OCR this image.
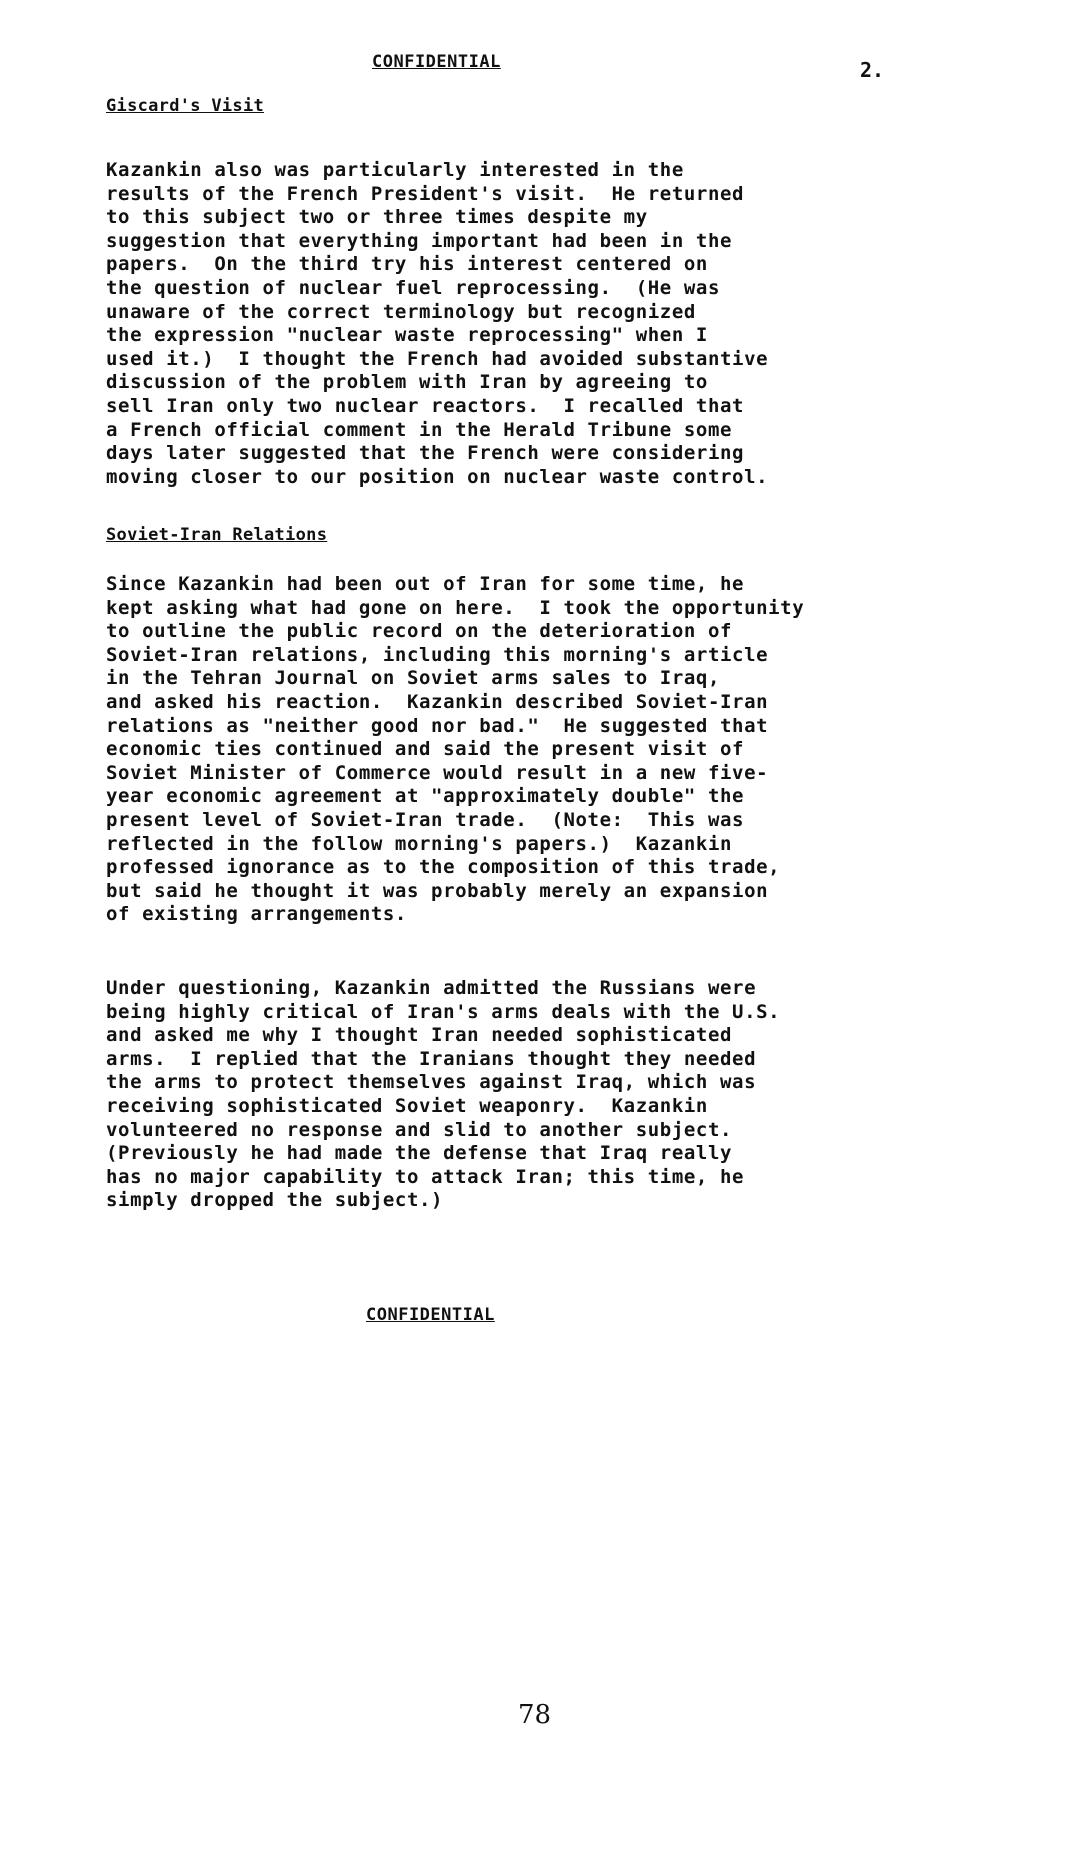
CONFIDENTIAL	2.
Giscard's Visit
Kazankin also was particularly interested in the
results of the French President's visit.  He returned
to this subject two or three times despite my
suggestion that everything important had been in the
papers.  On the third try his interest centered on
the question of nuclear fuel reprocessing.  (He was
unaware of the correct terminology but recognized
the expression "nuclear waste reprocessing" when I
used it.)  I thought the French had avoided substantive
discussion of the problem with Iran by agreeing to
sell Iran only two nuclear reactors.  I recalled that
a French official comment in the Herald Tribune some
days later suggested that the French were considering
moving closer to our position on nuclear waste control.
Soviet-Iran Relations
Since Kazankin had been out of Iran for some time, he
kept asking what had gone on here.  I took the opportunity
to outline the public record on the deterioration of
Soviet-Iran relations, including this morning's article
in the Tehran Journal on Soviet arms sales to Iraq,
and asked his reaction.  Kazankin described Soviet-Iran
relations as "neither good nor bad."  He suggested that
economic ties continued and said the present visit of
Soviet Minister of Commerce would result in a new five-
year economic agreement at "approximately double" the
present level of Soviet-Iran trade.  (Note:  This was
reflected in the follow morning's papers.)  Kazankin
professed ignorance as to the composition of this trade,
but said he thought it was probably merely an expansion
of existing arrangements.
Under questioning, Kazankin admitted the Russians were
being highly critical of Iran's arms deals with the U.S.
and asked me why I thought Iran needed sophisticated
arms.  I replied that the Iranians thought they needed
the arms to protect themselves against Iraq, which was
receiving sophisticated Soviet weaponry.  Kazankin
volunteered no response and slid to another subject.
(Previously he had made the defense that Iraq really
has no major capability to attack Iran; this time, he
simply dropped the subject.)
CONFIDENTIAL
78
